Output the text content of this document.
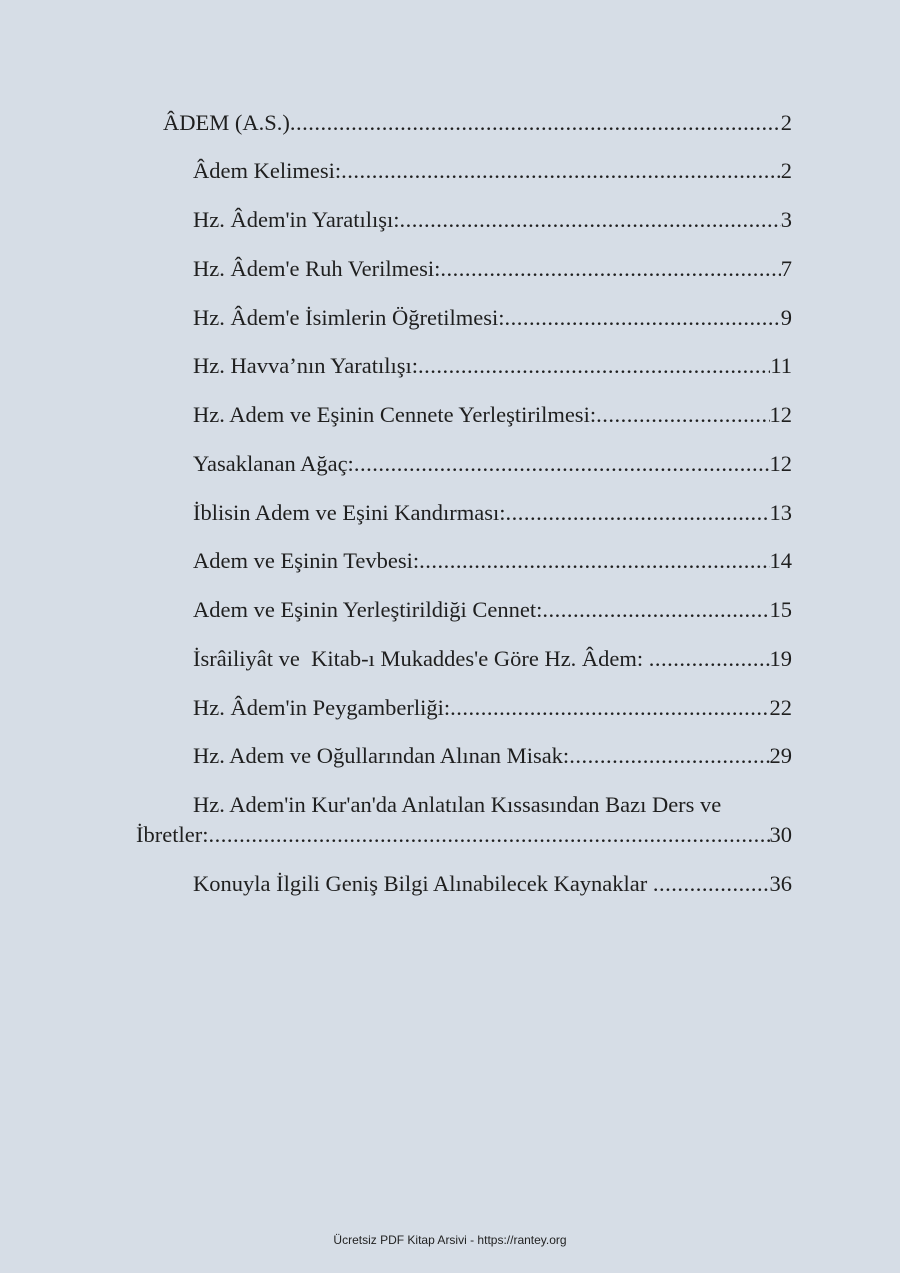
ÂDEM (A.S.) .....	2
Âdem Kelimesi: .....	2
Hz. Âdem'in Yaratılışı: .....	3
Hz. Âdem'e Ruh Verilmesi: .....	7
Hz. Âdem'e İsimlerin Öğretilmesi: .....	9
Hz. Havva’nın Yaratılışı: .....	11
Hz. Adem ve Eşinin Cennete Yerleştirilmesi: .....	12
Yasaklanan Ağaç: .....	12
İblisin Adem ve Eşini Kandırması: .....	13
Adem ve Eşinin Tevbesi: .....	14
Adem ve Eşinin Yerleştirildiği Cennet: .....	15
İsrâiliyât ve  Kitab-ı Mukaddes'e Göre Hz. Âdem: .....	19
Hz. Âdem'in Peygamberliği: .....	22
Hz. Adem ve Oğullarından Alınan Misak: .....	29
Hz. Adem'in Kur'an'da Anlatılan Kıssasından Bazı Ders ve
İbretler: .....	30
Konuyla İlgili Geniş Bilgi Alınabilecek Kaynaklar .....	36
Ücretsiz PDF Kitap Arsivi - https://rantey.org
